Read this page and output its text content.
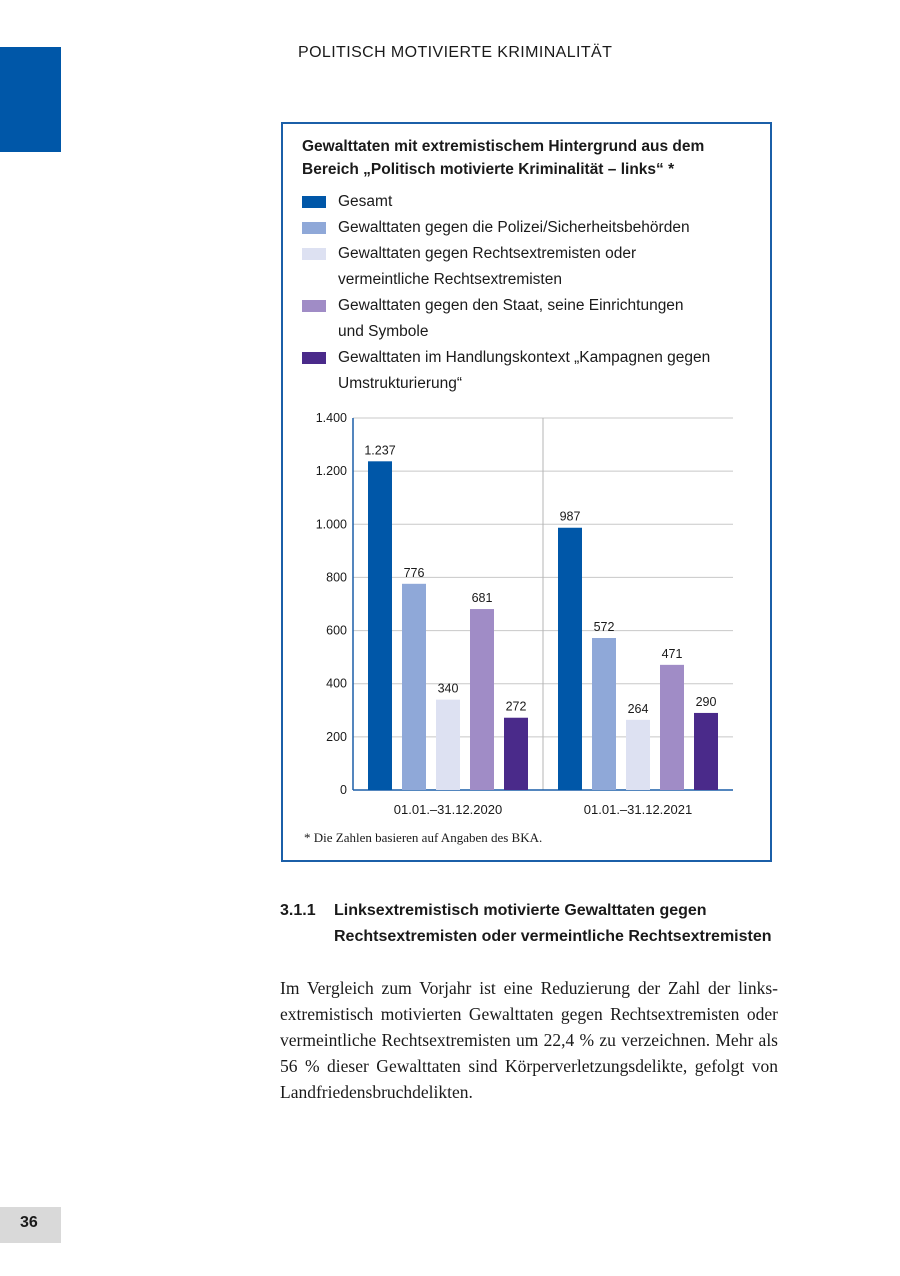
POLITISCH MOTIVIERTE KRIMINALITÄT
Gewalttaten mit extremistischem Hintergrund aus dem
Bereich „Politisch motivierte Kriminalität – links“ *
Gesamt
Gewalttaten gegen die Polizei/Sicherheitsbehörden
Gewalttaten gegen Rechtsextremisten oder
vermeintliche Rechtsextremisten
Gewalttaten gegen den Staat, seine Einrichtungen
und Symbole
Gewalttaten im Handlungskontext „Kampagnen gegen
Umstrukturierung“
0
200
400
600
800
1.000
1.200
1.400
1.237
776
340
681
272
01.01.–31.12.2020
987
572
264
471
290
01.01.–31.12.2021
* Die Zahlen basieren auf Angaben des BKA.
3.1.1 Linksextremistisch motivierte Gewalttaten gegen Rechtsextremisten oder vermeintliche Rechtsextremisten
Im Vergleich zum Vorjahr ist eine Reduzierung der Zahl der linksextremistisch motivierten Gewalttaten gegen Rechtsextremisten oder vermeintliche Rechtsextremisten um 22,4 % zu verzeichnen. Mehr als 56 % dieser Gewalttaten sind Körperverletzungsdelikte, gefolgt von Landfriedensbruchdelikten.
36
